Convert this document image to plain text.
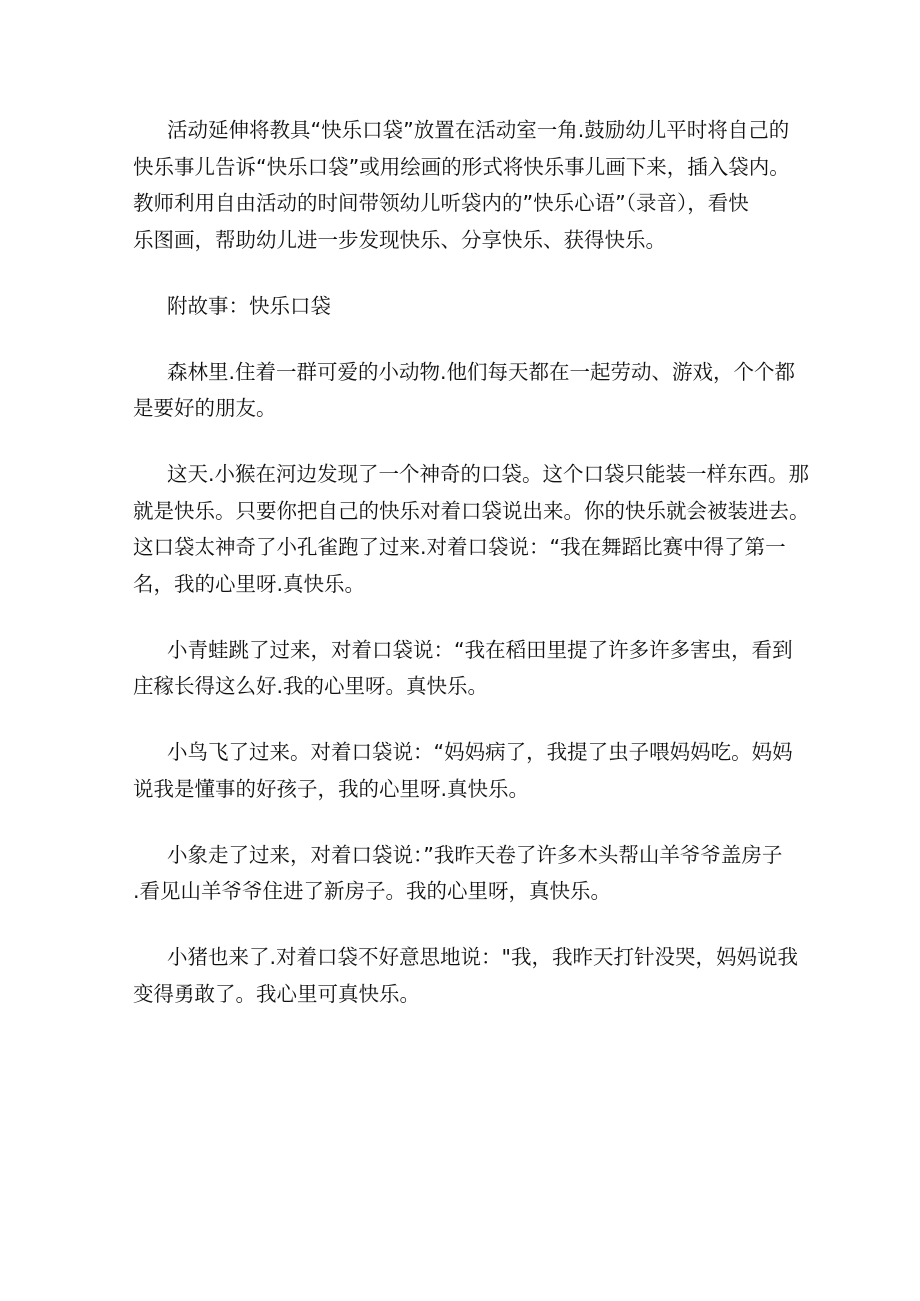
活动延伸将教具“快乐口袋”放置在活动室一角.鼓励幼儿平时将自己的
快乐事儿告诉“快乐口袋”或用绘画的形式将快乐事儿画下来，插入袋内。
教师利用自由活动的时间带领幼儿听袋内的”快乐心语”（录音），看快
乐图画，帮助幼儿进一步发现快乐、分享快乐、获得快乐。

附故事：快乐口袋

森林里.住着一群可爱的小动物.他们每天都在一起劳动、游戏，个个都
是要好的朋友。

这天.小猴在河边发现了一个神奇的口袋。这个口袋只能装一样东西。那
就是快乐。只要你把自己的快乐对着口袋说出来。你的快乐就会被装进去。
这口袋太神奇了小孔雀跑了过来.对着口袋说：“我在舞蹈比赛中得了第一
名，我的心里呀.真快乐。

小青蛙跳了过来，对着口袋说：“我在稻田里提了许多许多害虫，看到
庄稼长得这么好.我的心里呀。真快乐。

小鸟飞了过来。对着口袋说：“妈妈病了，我提了虫子喂妈妈吃。妈妈
说我是懂事的好孩子，我的心里呀.真快乐。

小象走了过来，对着口袋说：”我昨天卷了许多木头帮山羊爷爷盖房子
.看见山羊爷爷住进了新房子。我的心里呀，真快乐。

小猪也来了.对着口袋不好意思地说："我，我昨天打针没哭，妈妈说我
变得勇敢了。我心里可真快乐。
